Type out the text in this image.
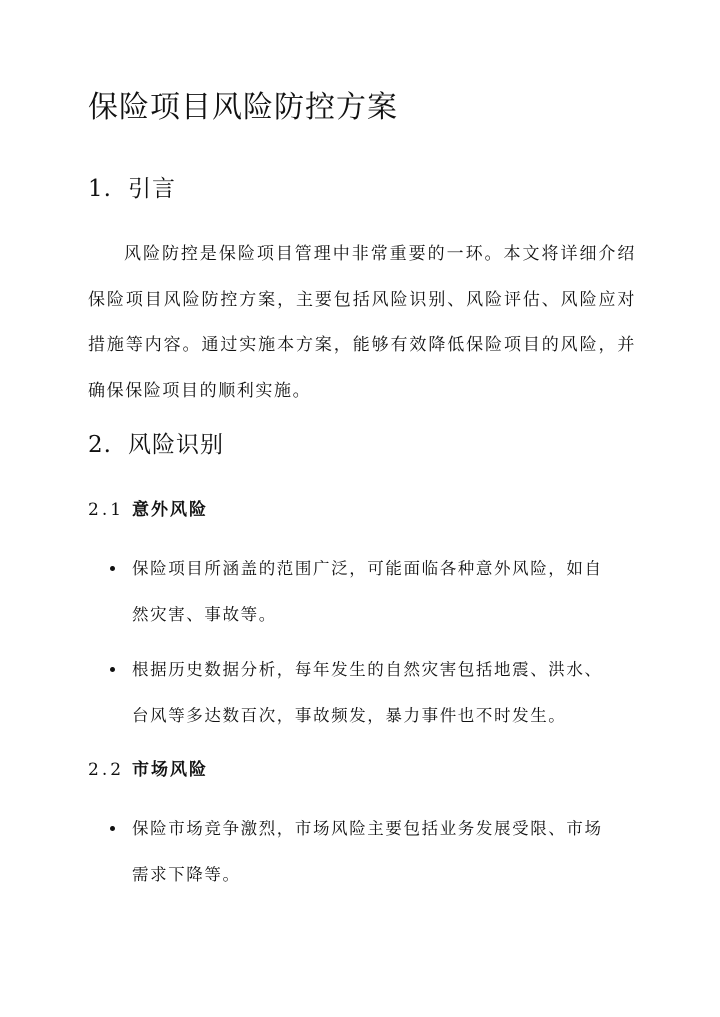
保险项目风险防控方案
1. 引言

风险防控是保险项目管理中非常重要的一环。本文将详细介绍保险项目风险防控方案，主要包括风险识别、风险评估、风险应对措施等内容。通过实施本方案，能够有效降低保险项目的风险，并确保保险项目的顺利实施。

2. 风险识别
2.1 意外风险
保险项目所涵盖的范围广泛，可能面临各种意外风险，如自然灾害、事故等。
根据历史数据分析，每年发生的自然灾害包括地震、洪水、台风等多达数百次，事故频发，暴力事件也不时发生。
2.2 市场风险
保险市场竞争激烈，市场风险主要包括业务发展受限、市场需求下降等。
